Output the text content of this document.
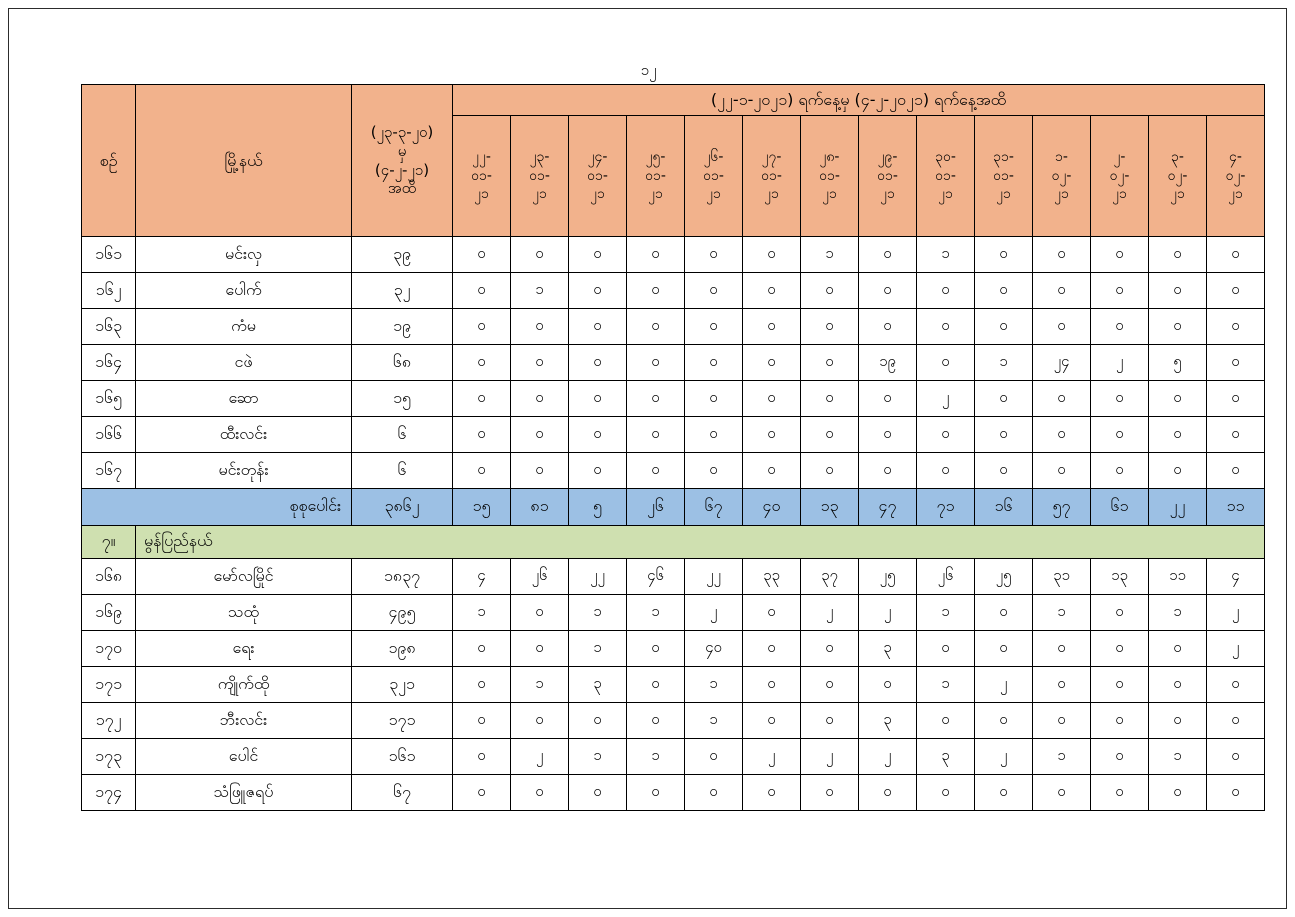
၁၂
စဥ်	မြို့နယ်	(၂၃-၃-၂၀)
မှ
(၄-၂-၂၁)
အထိ	(၂၂-၁-၂၀၂၁) ရက်နေ့မှ (၄-၂-၂၀၂၁) ရက်နေ့အထိ													

			၂၂-
၀၁-
၂၁	၂၃-
၀၁-
၂၁	၂၄-
၀၁-
၂၁	၂၅-
၀၁-
၂၁	၂၆-
၀၁-
၂၁	၂၇-
၀၁-
၂၁	၂၈-
၀၁-
၂၁	၂၉-
၀၁-
၂၁	၃၀-
၀၁-
၂၁	၃၁-
၀၁-
၂၁	၁-
၀၂-
၂၁	၂-
၀၂-
၂၁	၃-
၀၂-
၂၁	၄-
၀၂-
၂၁

၁၆၁	မင်းလှ	၃၉	၀	၀	၀	၀	၀	၀	၁	၀	၁	၀	၀	၀	၀	၀
၁၆၂	ပေါက်	၃၂	၀	၁	၀	၀	၀	၀	၀	၀	၀	၀	၀	၀	၀	၀
၁၆၃	ကံမ	၁၉	၀	၀	၀	၀	၀	၀	၀	၀	၀	၀	၀	၀	၀	၀
၁၆၄	ငဖဲ	၆၈	၀	၀	၀	၀	၀	၀	၀	၁၉	၀	၁	၂၄	၂	၅	၀
၁၆၅	ဆော	၁၅	၀	၀	၀	၀	၀	၀	၀	၀	၂	၀	၀	၀	၀	၀
၁၆၆	ထီးလင်း	၆	၀	၀	၀	၀	၀	၀	၀	၀	၀	၀	၀	၀	၀	၀
၁၆၇	မင်းတုန်း	၆	၀	၀	၀	၀	၀	၀	၀	၀	၀	၀	၀	၀	၀	၀
စုစုပေါင်း		၃၈၆၂	၁၅	၈၁	၅	၂၆	၆၇	၄၀	၁၃	၄၇	၇၁	၁၆	၅၇	၆၁	၂၂	၁၁
၇။	မွန်ပြည်နယ်															
၁၆၈	မော်လမြိုင်	၁၈၃၇	၄	၂၆	၂၂	၄၆	၂၂	၃၃	၃၇	၂၅	၂၆	၂၅	၃၁	၁၃	၁၁	၄
၁၆၉	သထုံ	၄၉၅	၁	၀	၁	၁	၂	၀	၂	၂	၁	၀	၁	၀	၁	၂
၁၇၀	ရေး	၁၉၈	၀	၀	၁	၀	၄၀	၀	၀	၃	၀	၀	၀	၀	၀	၂
၁၇၁	ကျိုက်ထို	၃၂၁	၀	၁	၃	၀	၁	၀	၀	၀	၁	၂	၀	၀	၀	၀
၁၇၂	ဘီးလင်း	၁၇၁	၀	၀	၀	၀	၁	၀	၀	၃	၀	၀	၀	၀	၀	၀
၁၇၃	ပေါင်	၁၆၁	၀	၂	၁	၁	၀	၂	၂	၂	၃	၂	၁	၀	၁	၀
၁၇၄	သံဖြူဇရပ်	၆၇	၀	၀	၀	၀	၀	၀	၀	၀	၀	၀	၀	၀	၀	၀
